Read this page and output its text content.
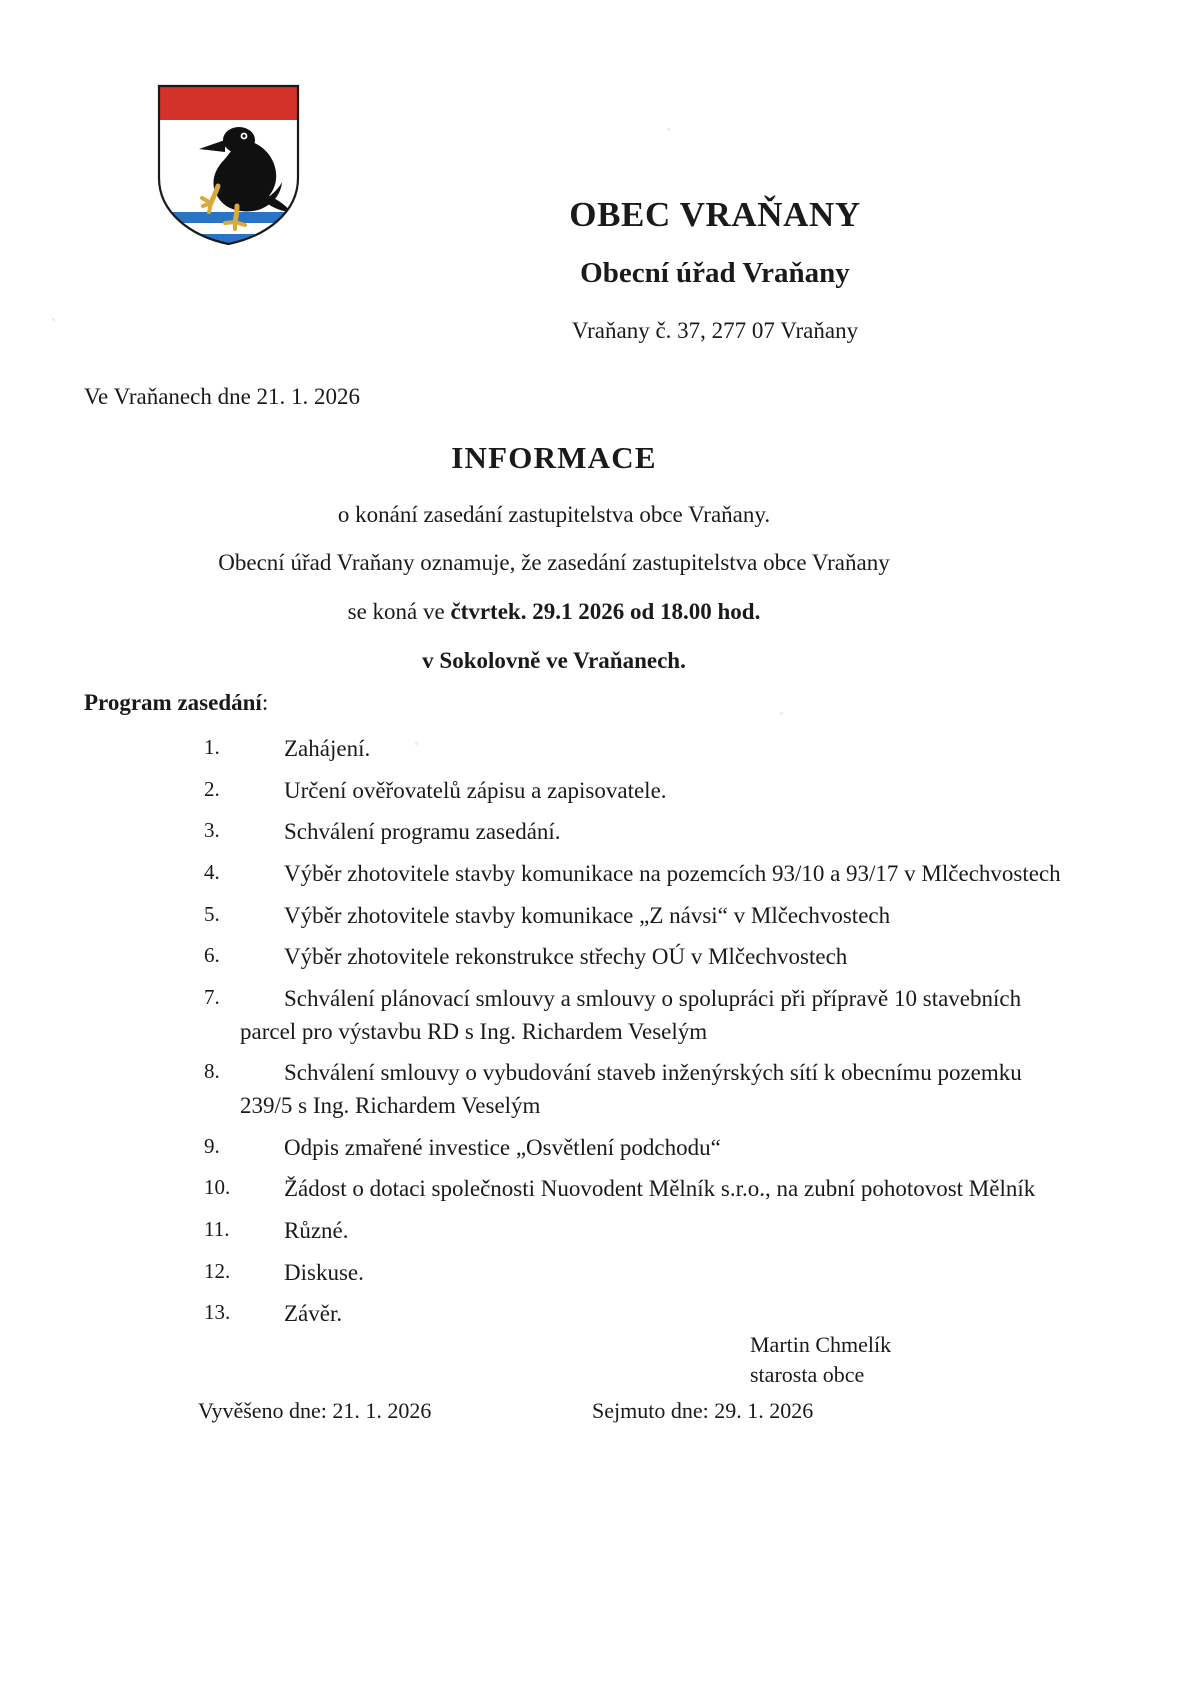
OBEC VRAŇANY
Obecní úřad Vraňany
Vraňany č. 37, 277 07 Vraňany
Ve Vraňanech dne 21. 1. 2026
INFORMACE
o konání zasedání zastupitelstva obce Vraňany.
Obecní úřad Vraňany oznamuje, že zasedání zastupitelstva obce Vraňany
se koná ve čtvrtek. 29.1 2026 od 18.00 hod.
v Sokolovně ve Vraňanech.
Program zasedání:
1.	Zahájení.
2.	Určení ověřovatelů zápisu a zapisovatele.
3.	Schválení programu zasedání.
4.	Výběr zhotovitele stavby komunikace na pozemcích 93/10 a 93/17 v Mlčechvostech
5.	Výběr zhotovitele stavby komunikace „Z návsi“ v Mlčechvostech
6.	Výběr zhotovitele rekonstrukce střechy OÚ v Mlčechvostech
7.	Schválení plánovací smlouvy a smlouvy o spolupráci při přípravě 10 stavebních
parcel pro výstavbu RD s Ing. Richardem Veselým
8.	Schválení smlouvy o vybudování staveb inženýrských sítí k obecnímu pozemku
239/5 s Ing. Richardem Veselým
9.	Odpis zmařené investice „Osvětlení podchodu“
10.	Žádost o dotaci společnosti Nuovodent Mělník s.r.o., na zubní pohotovost Mělník
11.	Různé.
12.	Diskuse.
13.	Závěr.
Martin Chmelík
starosta obce
Vyvěšeno dne: 21. 1. 2026	Sejmuto dne: 29. 1. 2026
